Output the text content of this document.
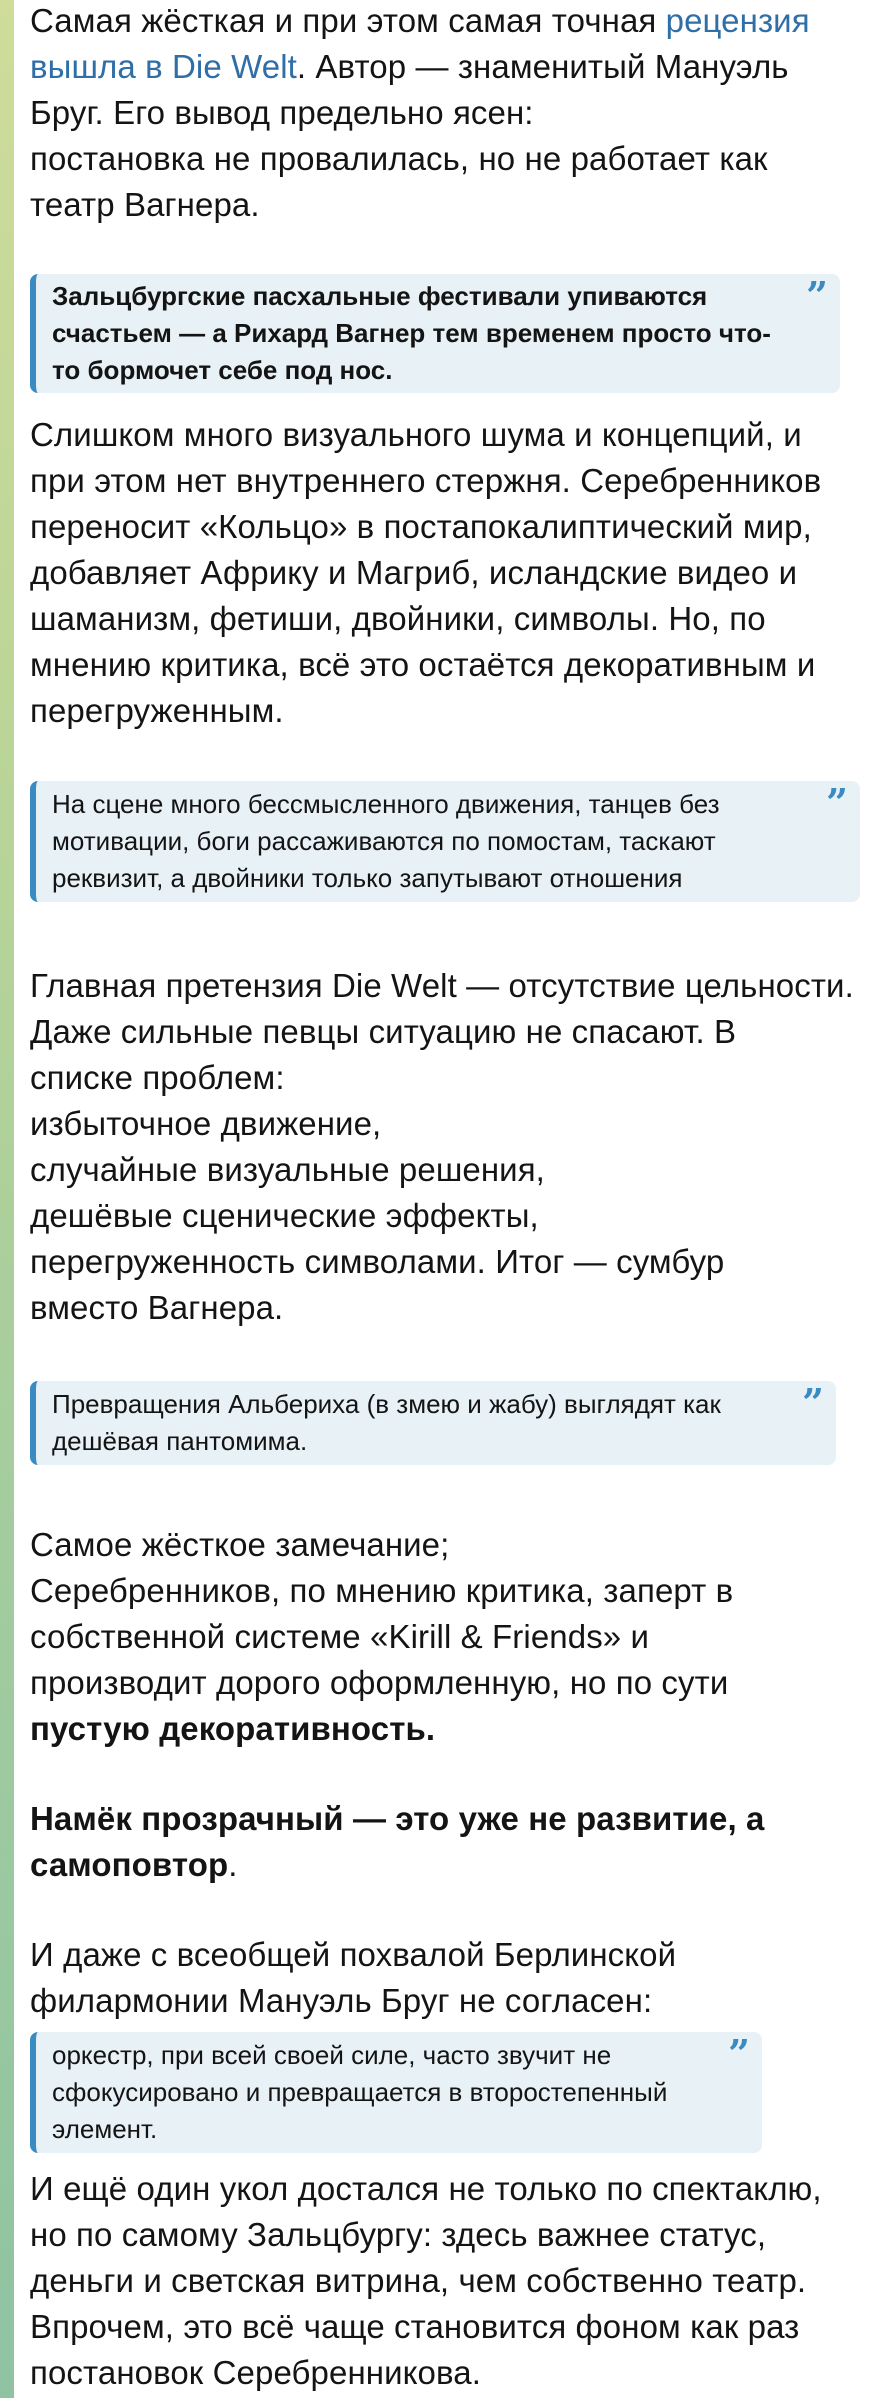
Самая жёсткая и при этом самая точная рецензия
вышла в Die Welt. Автор — знаменитый Мануэль
Бруг. Его вывод предельно ясен:
постановка не провалилась, но не работает как
театр Вагнера.
”
Зальцбургские пасхальные фестивали упиваются
счастьем — а Рихард Вагнер тем временем просто что-
то бормочет себе под нос.
Слишком много визуального шума и концепций, и
при этом нет внутреннего стержня. Серебренников
переносит «Кольцо» в постапокалиптический мир,
добавляет Африку и Магриб, исландские видео и
шаманизм, фетиши, двойники, символы. Но, по
мнению критика, всё это остаётся декоративным и
перегруженным.
”
На сцене много бессмысленного движения, танцев без
мотивации, боги рассаживаются по помостам, таскают
реквизит, а двойники только запутывают отношения
Главная претензия Die Welt — отсутствие цельности.
Даже сильные певцы ситуацию не спасают. В
списке проблем:
избыточное движение,
случайные визуальные решения,
дешёвые сценические эффекты,
перегруженность символами. Итог — сумбур
вместо Вагнера.
”
Превращения Альбериха (в змею и жабу) выглядят как
дешёвая пантомима.
Самое жёсткое замечание;
Серебренников, по мнению критика, заперт в
собственной системе «Kirill & Friends» и
производит дорого оформленную, но по сути
пустую декоративность.
Намёк прозрачный — это уже не развитие, а
самоповтор.
И даже с всеобщей похвалой Берлинской
филармонии Мануэль Бруг не согласен:
”
оркестр, при всей своей силе, часто звучит не
сфокусировано и превращается в второстепенный
элемент.
И ещё один укол достался не только по спектаклю,
но по самому Зальцбургу: здесь важнее статус,
деньги и светская витрина, чем собственно театр.
Впрочем, это всё чаще становится фоном как раз
постановок Серебренникова.
